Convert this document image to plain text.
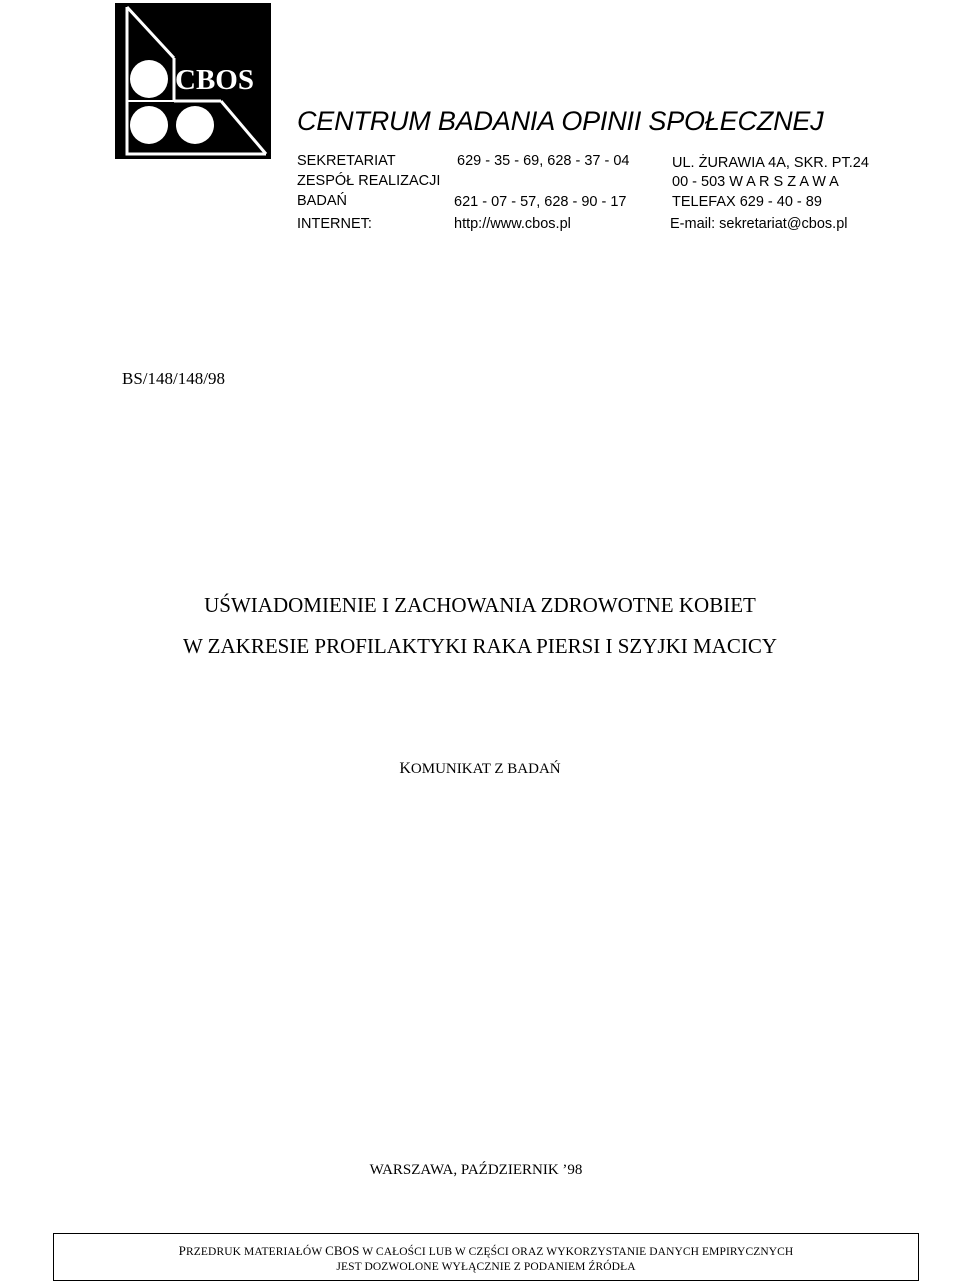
CBOS
CENTRUM BADANIA OPINII SPOŁECZNEJ
SEKRETARIAT
ZESPÓŁ REALIZACJI
BADAŃ
INTERNET:
629 - 35 - 69, 628 - 37 - 04
621 - 07 - 57, 628 - 90 - 17
http://www.cbos.pl
UL. ŻURAWIA 4A, SKR. PT.24
00 - 503 W A R S Z A W A
TELEFAX 629 - 40 - 89
E-mail: sekretariat@cbos.pl
BS/148/148/98
UŚWIADOMIENIE I ZACHOWANIA ZDROWOTNE KOBIET
W ZAKRESIE PROFILAKTYKI RAKA PIERSI I SZYJKI MACICY
KOMUNIKAT Z BADAŃ
WARSZAWA, PAŹDZIERNIK ’98
PRZEDRUK MATERIAŁÓW CBOS W CAŁOŚCI LUB W CZĘŚCI ORAZ WYKORZYSTANIE DANYCH EMPIRYCZNYCH
JEST DOZWOLONE WYŁĄCZNIE Z PODANIEM ŹRÓDŁA
